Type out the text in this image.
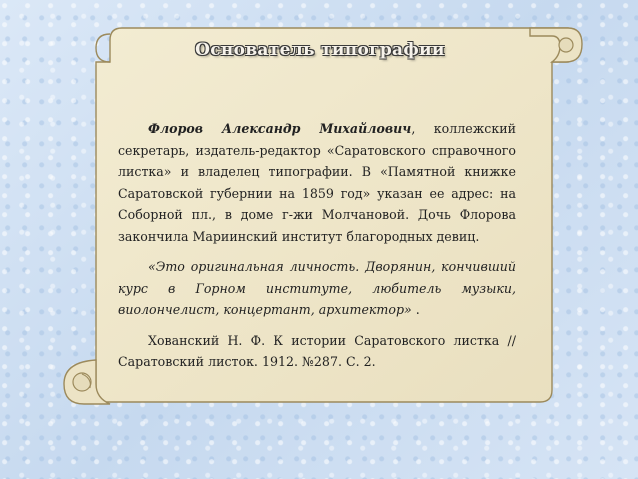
Основатель типографии

Флоров Александр Михайлович, коллежский секретарь, издатель-редактор «Саратовского справочного листка» и владелец типографии. В «Памятной книжке Саратовской губернии на 1859 год» указан ее адрес: на Соборной пл., в доме г-жи Молчановой. Дочь Флорова закончила Мариинский институт благородных девиц.

«Это оригинальная личность. Дворянин, кончивший курс в Горном институте, любитель музыки, виолончелист, концертант, архитектор» .

Хованский Н. Ф. К истории Саратовского листка // Саратовский листок. 1912. №287. С. 2.
